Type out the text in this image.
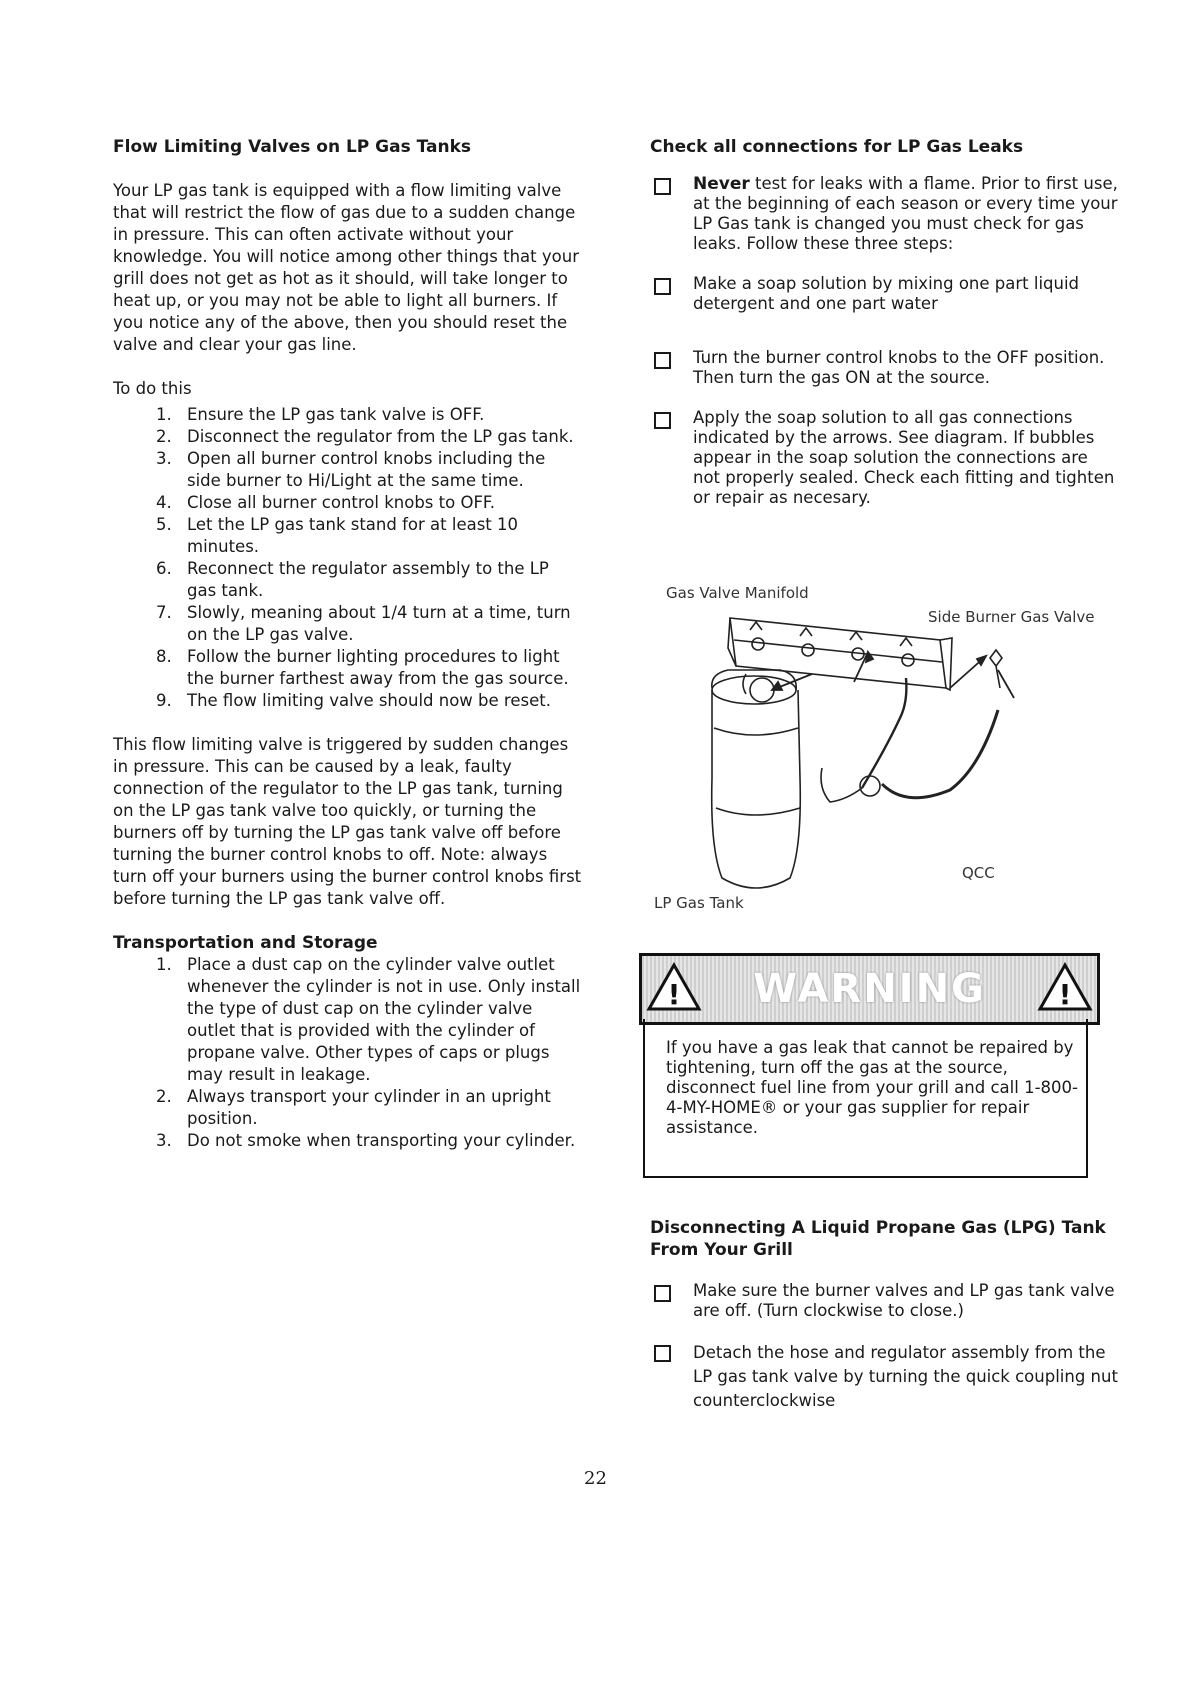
Flow Limiting Valves on LP Gas Tanks

Your LP gas tank is equipped with a flow limiting valve that will restrict the flow of gas due to a sudden change in pressure. This can often activate without your knowledge. You will notice among other things that your grill does not get as hot as it should, will take longer to heat up, or you may not be able to light all burners. If you notice any of the above, then you should reset the valve and clear your gas line.

To do this

1. Ensure the LP gas tank valve is OFF.
2. Disconnect the regulator from the LP gas tank.
3. Open all burner control knobs including the side burner to Hi/Light at the same time.
4. Close all burner control knobs to OFF.
5. Let the LP gas tank stand for at least 10 minutes.
6. Reconnect the regulator assembly to the LP gas tank.
7. Slowly, meaning about 1/4 turn at a time, turn on the LP gas valve.
8. Follow the burner lighting procedures to light the burner farthest away from the gas source.
9. The flow limiting valve should now be reset.

This flow limiting valve is triggered by sudden changes in pressure. This can be caused by a leak, faulty connection of the regulator to the LP gas tank, turning on the LP gas tank valve too quickly, or turning the burners off by turning the LP gas tank valve off before turning the burner control knobs to off. Note: always turn off your burners using the burner control knobs first before turning the LP gas tank valve off.

Transportation and Storage
1. Place a dust cap on the cylinder valve outlet whenever the cylinder is not in use. Only install the type of dust cap on the cylinder valve outlet that is provided with the cylinder of propane valve. Other types of caps or plugs may result in leakage.
2. Always transport your cylinder in an upright position.
3. Do not smoke when transporting your cylinder.
Check all connections for LP Gas Leaks
Never test for leaks with a flame. Prior to first use, at the beginning of each season or every time your LP Gas tank is changed you must check for gas leaks. Follow these three steps:
Make a soap solution by mixing one part liquid detergent and one part water
Turn the burner control knobs to the OFF position. Then turn the gas ON at the source.
Apply the soap solution to all gas connections indicated by the arrows. See diagram. If bubbles appear in the soap solution the connections are not properly sealed. Check each fitting and tighten or repair as necesary.
Gas Valve Manifold
Side Burner Gas Valve
QCC
LP Gas Tank
! WARNING	!

If you have a gas leak that cannot be repaired by tightening, turn off the gas at the source, disconnect fuel line from your grill and call 1-800-4-MY-HOME® or your gas supplier for repair assistance.

Disconnecting A Liquid Propane Gas (LPG) Tank From Your Grill
Make sure the burner valves and LP gas tank valve are off. (Turn clockwise to close.)
Detach the hose and regulator assembly from the LP gas tank valve by turning the quick coupling nut counterclockwise
22
